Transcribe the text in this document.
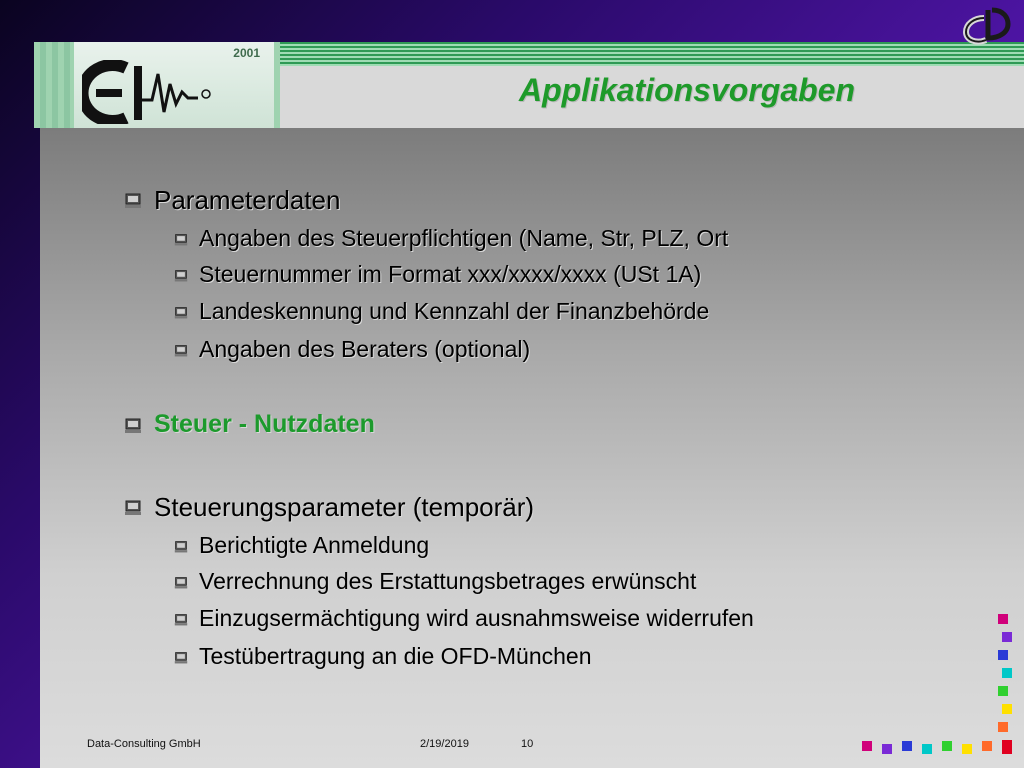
2001
Applikationsvorgaben
Parameterdaten
Angaben des Steuerpflichtigen (Name, Str, PLZ, Ort
Steuernummer im Format xxx/xxxx/xxxx (USt 1A)
Landeskennung und Kennzahl der Finanzbehörde
Angaben des Beraters (optional)
Steuer - Nutzdaten
Steuerungsparameter (temporär)
Berichtigte Anmeldung
Verrechnung des Erstattungsbetrages erwünscht
Einzugsermächtigung wird ausnahmsweise widerrufen
Testübertragung an die OFD-München
Data-Consulting GmbH	2/19/2019	10
